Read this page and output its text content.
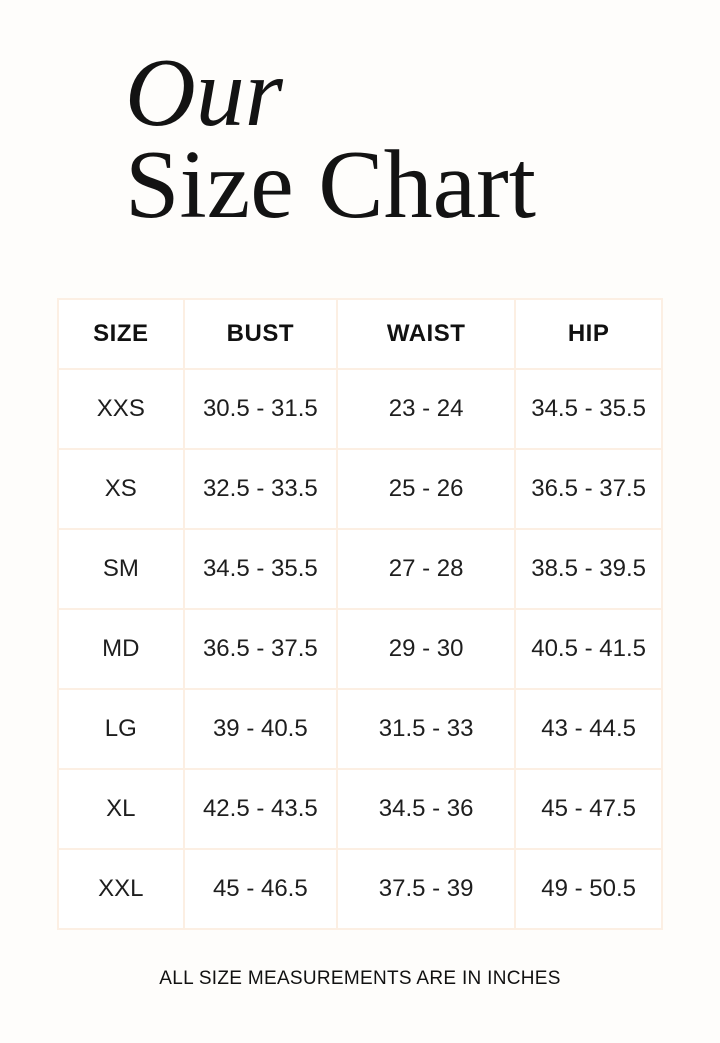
Our
Size Chart
SIZE	BUST	WAIST	HIP
XXS	30.5 - 31.5	23 - 24	34.5 - 35.5
XS	32.5 - 33.5	25 - 26	36.5 - 37.5
SM	34.5 - 35.5	27 - 28	38.5 - 39.5
MD	36.5 - 37.5	29 - 30	40.5 - 41.5
LG	39 - 40.5	31.5 - 33	43 - 44.5
XL	42.5 - 43.5	34.5 - 36	45 - 47.5
XXL	45 - 46.5	37.5 - 39	49 - 50.5
ALL SIZE MEASUREMENTS ARE IN INCHES
